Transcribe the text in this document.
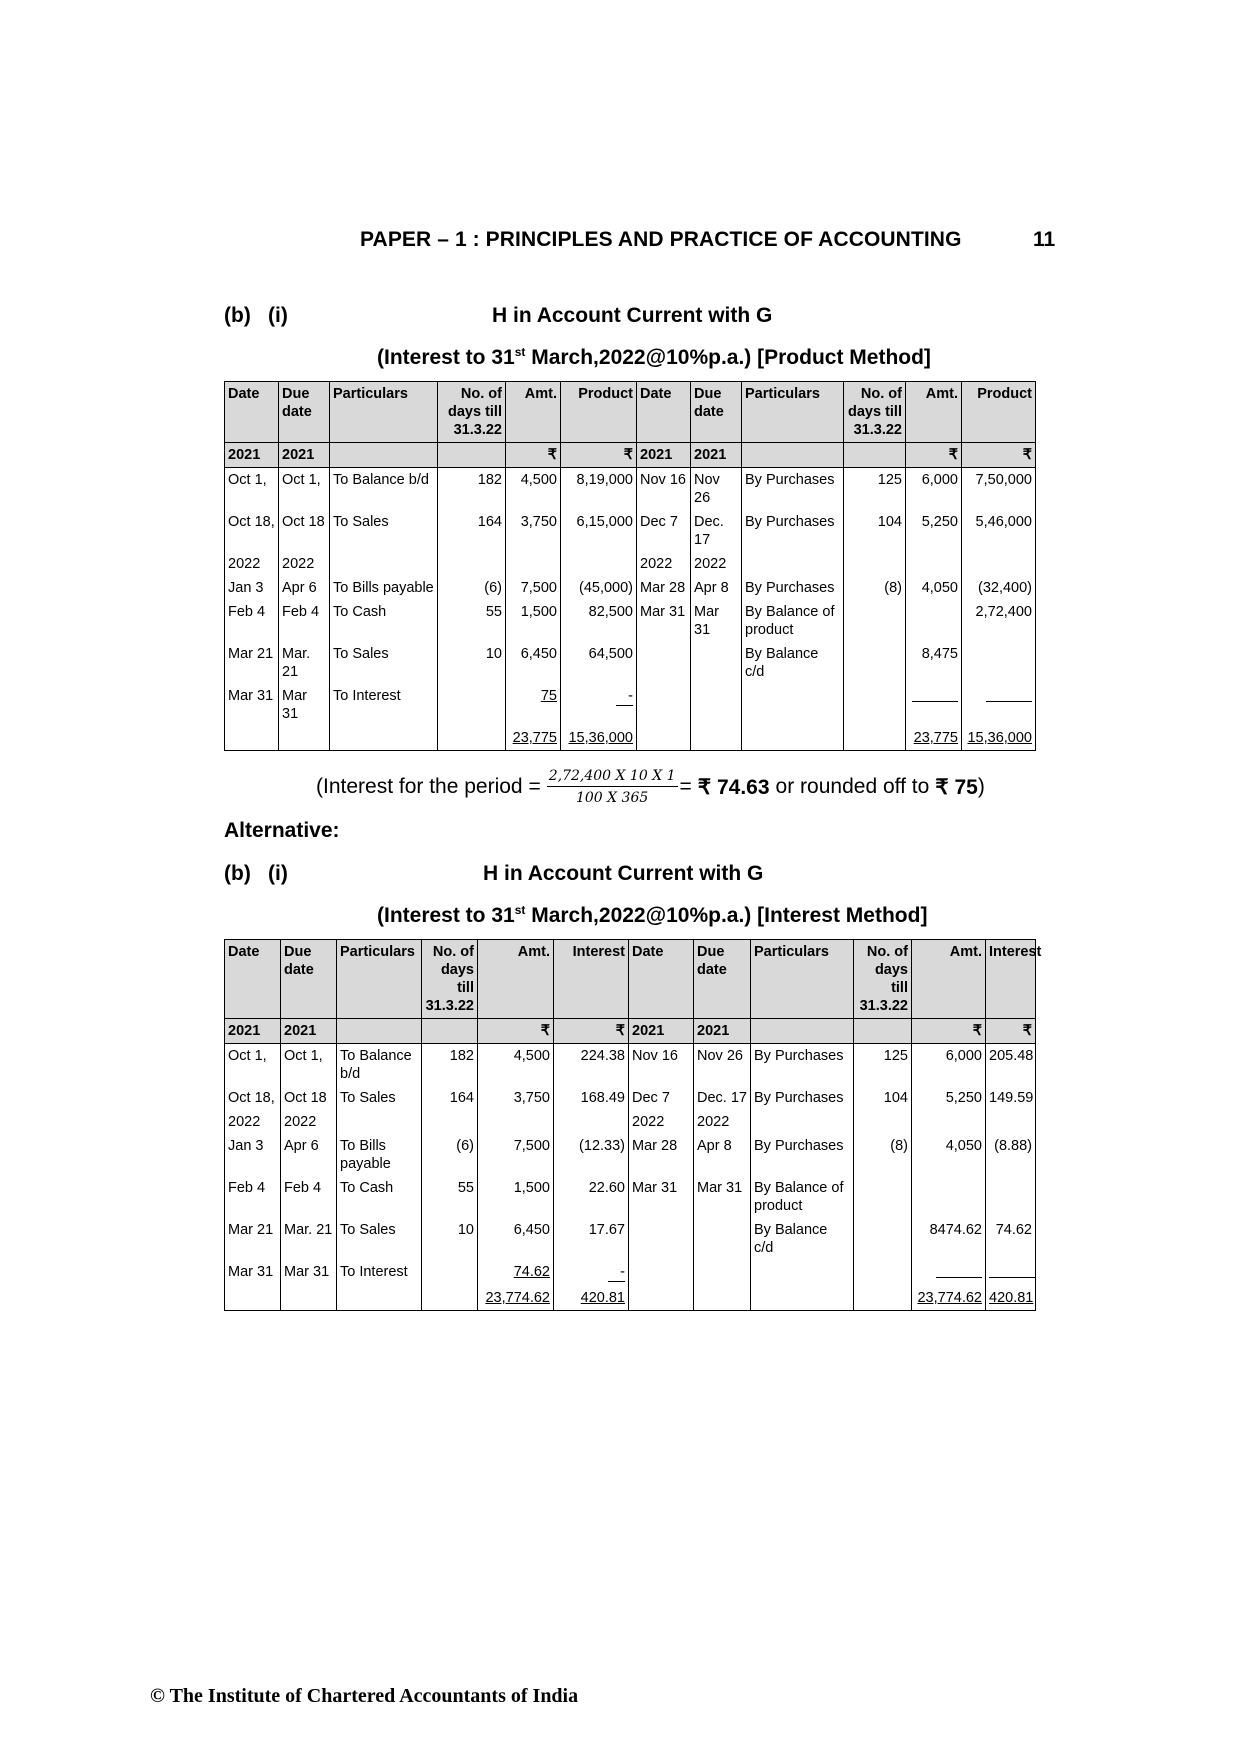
PAPER – 1 : PRINCIPLES AND PRACTICE OF ACCOUNTING	11
(b) (i)	H in Account Current with G
(Interest to 31st March,2022@10%p.a.) [Product Method]
Date	Due date	Particulars	No. of days till 31.3.22	Amt.	Product	Date	Due date	Particulars	No. of days till 31.3.22	Amt.	Product
2021	2021			₹	₹	2021	2021			₹	₹
Oct 1,	Oct 1,	To Balance b/d	182	4,500	8,19,000	Nov 16	Nov 26	By Purchases	125	6,000	7,50,000
Oct 18,	Oct 18	To Sales	164	3,750	6,15,000	Dec 7	Dec. 17	By Purchases	104	5,250	5,46,000
2022	2022					2022	2022				
Jan 3	Apr 6	To Bills payable	(6)	7,500	(45,000)	Mar 28	Apr 8	By Purchases	(8)	4,050	(32,400)
Feb 4	Feb 4	To Cash	55	1,500	82,500	Mar 31	Mar 31	By Balance of product			2,72,400
Mar 21	Mar. 21	To Sales	10	6,450	64,500			By Balance c/d		8,475	
Mar 31	Mar 31	To Interest		75	-						
				23,775	15,36,000					23,775	15,36,000
(Interest for the period = $\frac{2,72,400 X 10 X 1}{100 X 365}$ = ₹ 74.63 or rounded off to ₹ 75 )
Alternative:
(b) (i)	H in Account Current with G
(Interest to 31st March,2022@10%p.a.) [Interest Method]
Date	Due date	Particulars	No. of days till 31.3.22	Amt.	Interest	Date	Due date	Particulars	No. of days till 31.3.22	Amt.	Interest
2021	2021			₹	₹	2021	2021			₹	₹
Oct 1,	Oct 1,	To Balance b/d	182	4,500	224.38	Nov 16	Nov 26	By Purchases	125	6,000	205.48
Oct 18,	Oct 18	To Sales	164	3,750	168.49	Dec 7	Dec. 17	By Purchases	104	5,250	149.59
2022	2022					2022	2022				
Jan 3	Apr 6	To Bills payable	(6)	7,500	(12.33)	Mar 28	Apr 8	By Purchases	(8)	4,050	(8.88)
Feb 4	Feb 4	To Cash	55	1,500	22.60	Mar 31	Mar 31	By Balance of product			
Mar 21	Mar. 21	To Sales	10	6,450	17.67			By Balance c/d		8474.62	74.62
Mar 31	Mar 31	To Interest		74.62	-						
				23,774.62	420.81					23,774.62	420.81
© The Institute of Chartered Accountants of India
